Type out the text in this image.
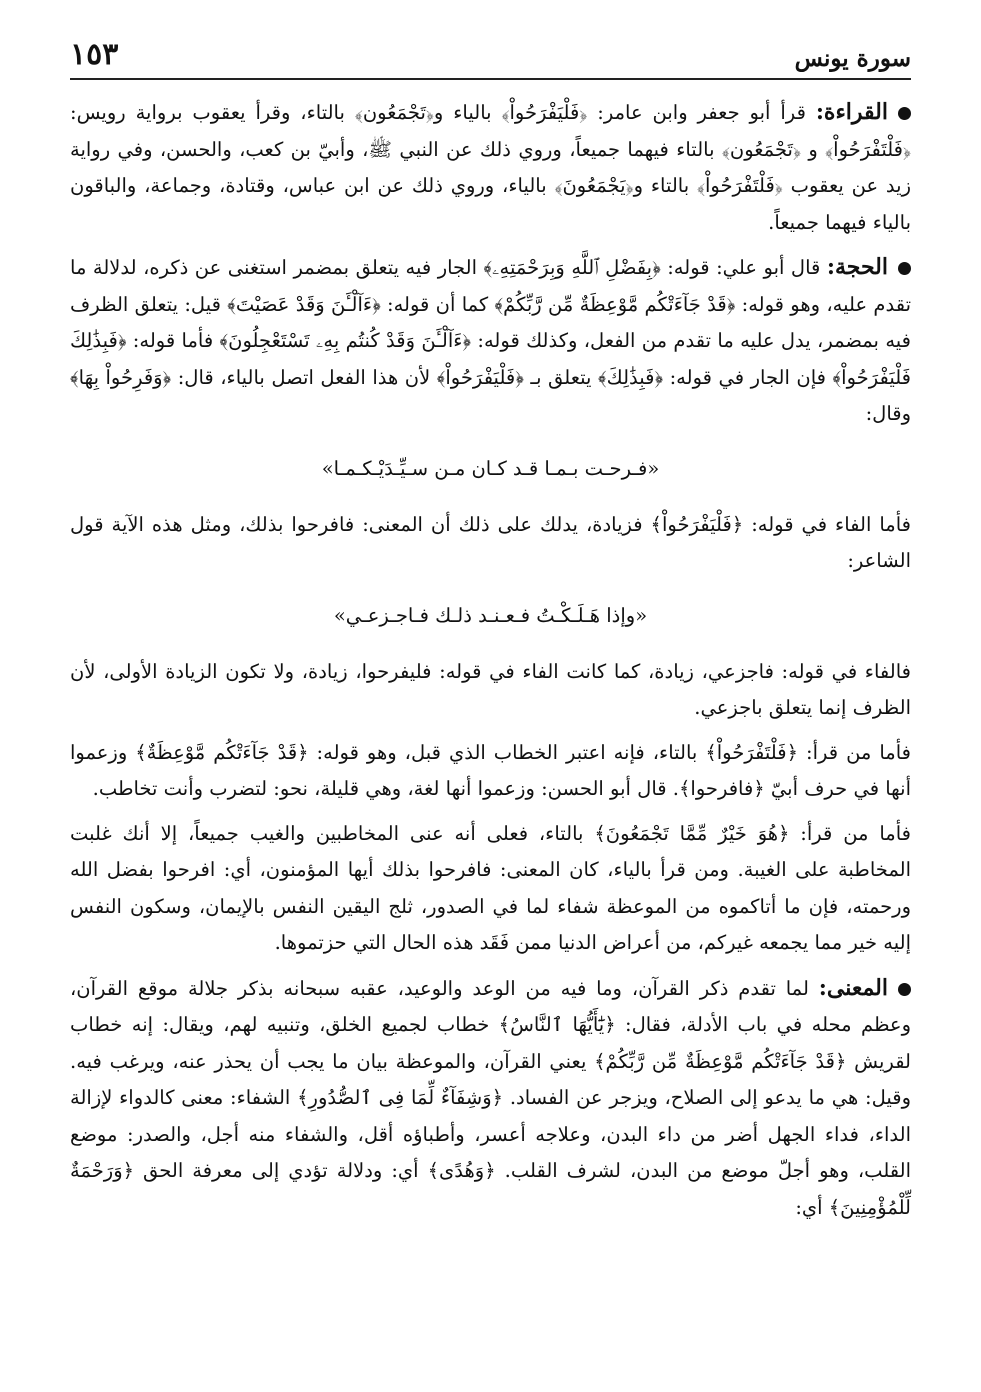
سورة يونس
١٥٣

القراءة: قرأ أبو جعفر وابن عامر: ﴿فَلْيَفْرَحُواْ﴾ بالياء و﴿تَجْمَعُون﴾ بالتاء، وقرأ يعقوب برواية رويس: ﴿فَلْتَفْرَحُواْ﴾ و ﴿تَجْمَعُون﴾ بالتاء فيهما جميعاً، وروي ذلك عن النبي ﷺ، وأبيّ بن كعب، والحسن، وفي رواية زيد عن يعقوب ﴿فَلْتَفْرَحُواْ﴾ بالتاء و﴿يَجْمَعُونَ﴾ بالياء، وروي ذلك عن ابن عباس، وقتادة، وجماعة، والباقون بالياء فيهما جميعاً.

الحجة: قال أبو علي: قوله: ﴿بِفَضْلِ ٱللَّهِ وَبِرَحْمَتِهِۦ﴾ الجار فيه يتعلق بمضمر استغنى عن ذكره، لدلالة ما تقدم عليه، وهو قوله: ﴿قَدْ جَآءَتْكُم مَّوْعِظَةٌ مِّن رَّبِّكُمْ﴾ كما أن قوله: ﴿ءَآلْـَٔنَ وَقَدْ عَصَيْتَ﴾ قيل: يتعلق الظرف فيه بمضمر، يدل عليه ما تقدم من الفعل، وكذلك قوله: ﴿ءَآلْـَٔنَ وَقَدْ كُنتُم بِهِۦ تَسْتَعْجِلُونَ﴾ فأما قوله: ﴿فَبِذَٰلِكَ فَلْيَفْرَحُواْ﴾ فإن الجار في قوله: ﴿فَبِذَٰلِكَ﴾ يتعلق بـ ﴿فَلْيَفْرَحُواْ﴾ لأن هذا الفعل اتصل بالياء، قال: ﴿وَفَرِحُواْ بِهَا﴾ وقال:

«فـرحـت بـمـا قـد كـان مـن سـيِّـدَيْـكـمـا»

فأما الفاء في قوله: ﴿فَلْيَفْرَحُواْ﴾ فزيادة، يدلك على ذلك أن المعنى: فافرحوا بذلك، ومثل هذه الآية قول الشاعر:

«وإذا هَـلَـكْـتُ فـعـنـد ذلـك فـاجـزعـي»

فالفاء في قوله: فاجزعي، زيادة، كما كانت الفاء في قوله: فليفرحوا، زيادة، ولا تكون الزيادة الأولى، لأن الظرف إنما يتعلق باجزعي.

فأما من قرأ: ﴿فَلْتَفْرَحُواْ﴾ بالتاء، فإنه اعتبر الخطاب الذي قبل، وهو قوله: ﴿قَدْ جَآءَتْكُم مَّوْعِظَةٌ﴾ وزعموا أنها في حرف أبيّ ﴿فافرحوا﴾. قال أبو الحسن: وزعموا أنها لغة، وهي قليلة، نحو: لتضرب وأنت تخاطب.

فأما من قرأ: ﴿هُوَ خَيْرٌ مِّمَّا تَجْمَعُونَ﴾ بالتاء، فعلى أنه عنى المخاطبين والغيب جميعاً، إلا أنك غلبت المخاطبة على الغيبة. ومن قرأ بالياء، كان المعنى: فافرحوا بذلك أيها المؤمنون، أي: افرحوا بفضل الله ورحمته، فإن ما أتاكموه من الموعظة شفاء لما في الصدور، ثلج اليقين النفس بالإيمان، وسكون النفس إليه خير مما يجمعه غيركم، من أعراض الدنيا ممن فَقَد هذه الحال التي حزتموها.

المعنى: لما تقدم ذكر القرآن، وما فيه من الوعد والوعيد، عقبه سبحانه بذكر جلالة موقع القرآن، وعظم محله في باب الأدلة، فقال: ﴿يَٰٓأَيُّهَا ٱلنَّاسُ﴾ خطاب لجميع الخلق، وتنبيه لهم، ويقال: إنه خطاب لقريش ﴿قَدْ جَآءَتْكُم مَّوْعِظَةٌ مِّن رَّبِّكُمْ﴾ يعني القرآن، والموعظة بيان ما يجب أن يحذر عنه، ويرغب فيه. وقيل: هي ما يدعو إلى الصلاح، ويزجر عن الفساد. ﴿وَشِفَآءٌ لِّمَا فِى ٱلصُّدُورِ﴾ الشفاء: معنى كالدواء لإزالة الداء، فداء الجهل أضر من داء البدن، وعلاجه أعسر، وأطباؤه أقل، والشفاء منه أجل، والصدر: موضع القلب، وهو أجلّ موضع من البدن، لشرف القلب. ﴿وَهُدًى﴾ أي: ودلالة تؤدي إلى معرفة الحق ﴿وَرَحْمَةٌ لِّلْمُؤْمِنِينَ﴾ أي:
